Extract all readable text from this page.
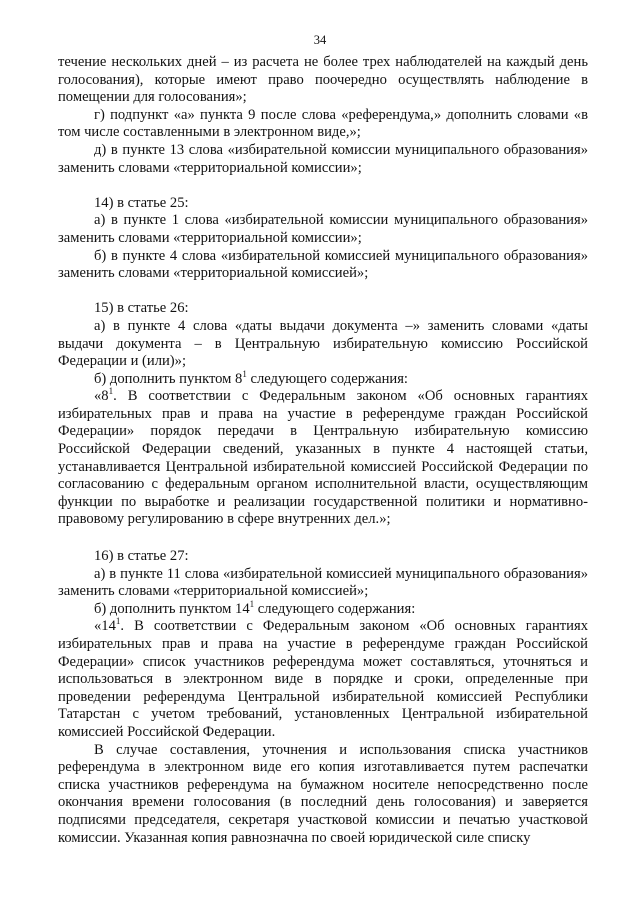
34

течение нескольких дней – из расчета не более трех наблюдателей на каждый день голосования), которые имеют право поочередно осуществлять наблюдение в помещении для голосования»;

г) подпункт «а» пункта 9 после слова «референдума,» дополнить словами «в том числе составленными в электронном виде,»;

д) в пункте 13 слова «избирательной комиссии муниципального образования» заменить словами «территориальной комиссии»;

14) в статье 25:

а) в пункте 1 слова «избирательной комиссии муниципального образования» заменить словами «территориальной комиссии»;

б) в пункте 4 слова «избирательной комиссией муниципального образования» заменить словами «территориальной комиссией»;

15) в статье 26:

а) в пункте 4 слова «даты выдачи документа –» заменить словами «даты выдачи документа – в Центральную избирательную комиссию Российской Федерации и (или)»;

б) дополнить пунктом $8^1$ следующего содержания:

«$8^1$. В соответствии с Федеральным законом «Об основных гарантиях избирательных прав и права на участие в референдуме граждан Российской Федерации» порядок передачи в Центральную избирательную комиссию Российской Федерации сведений, указанных в пункте 4 настоящей статьи, устанавливается Центральной избирательной комиссией Российской Федерации по согласованию с федеральным органом исполнительной власти, осуществляющим функции по выработке и реализации государственной политики и нормативно-правовому регулированию в сфере внутренних дел.»;

16) в статье 27:

а) в пункте 11 слова «избирательной комиссией муниципального образования» заменить словами «территориальной комиссией»;

б) дополнить пунктом $14^1$ следующего содержания:

«$14^1$. В соответствии с Федеральным законом «Об основных гарантиях избирательных прав и права на участие в референдуме граждан Российской Федерации» список участников референдума может составляться, уточняться и использоваться в электронном виде в порядке и сроки, определенные при проведении референдума Центральной избирательной комиссией Республики Татарстан с учетом требований, установленных Центральной избирательной комиссией Российской Федерации.

В случае составления, уточнения и использования списка участников референдума в электронном виде его копия изготавливается путем распечатки списка участников референдума на бумажном носителе непосредственно после окончания времени голосования (в последний день голосования) и заверяется подписями председателя, секретаря участковой комиссии и печатью участковой комиссии. Указанная копия равнозначна по своей юридической силе списку
